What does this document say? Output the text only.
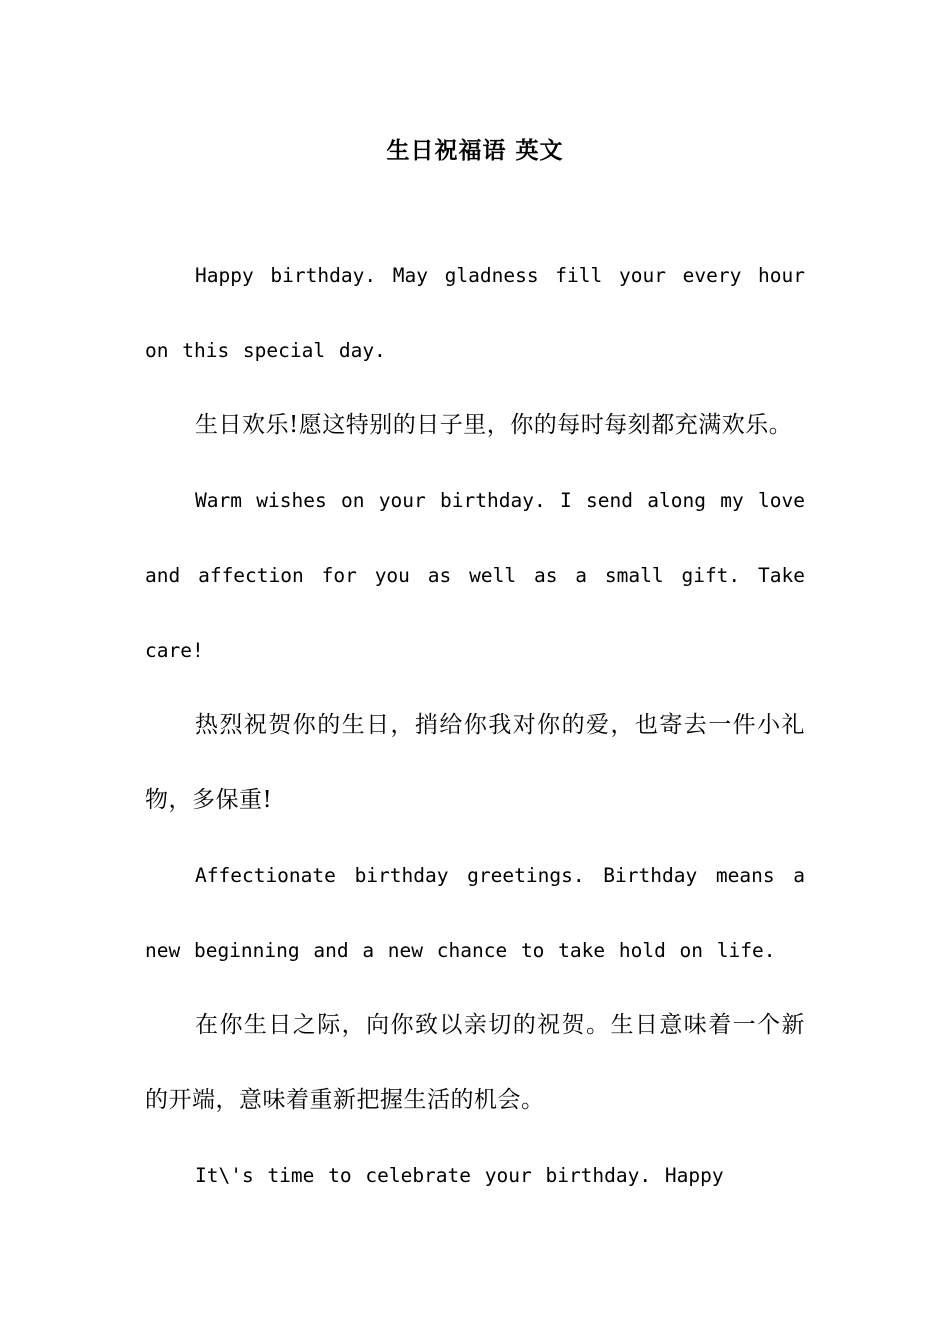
生日祝福语 英文

Happy birthday. May gladness fill your every hour on this special day.

生日欢乐!愿这特别的日子里，你的每时每刻都充满欢乐。

Warm wishes on your birthday. I send along my love and affection for you as well as a small gift. Take care!

热烈祝贺你的生日，捎给你我对你的爱，也寄去一件小礼物，多保重!

Affectionate birthday greetings. Birthday means a new beginning and a new chance to take hold on life.

在你生日之际，向你致以亲切的祝贺。生日意味着一个新的开端，意味着重新把握生活的机会。

It\'s time to celebrate your birthday. Happy
